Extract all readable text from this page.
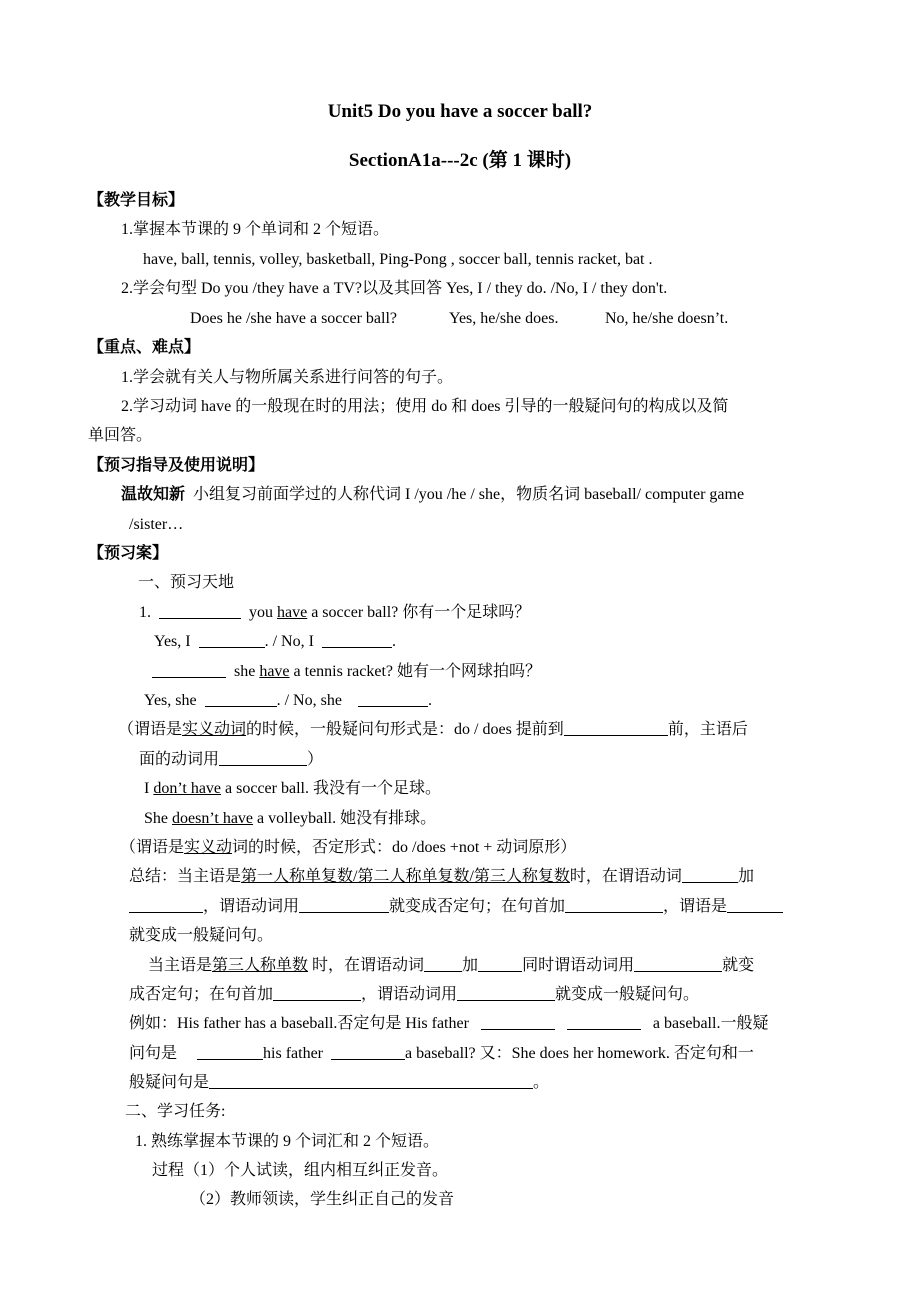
Unit5 Do you have a soccer ball?
SectionA1a---2c (第 1 课时)
【教学目标】
1.掌握本节课的 9 个单词和 2 个短语。
have, ball, tennis, volley, basketball, Ping-Pong , soccer ball, tennis racket, bat .
2.学会句型 Do you /they have a TV?以及其回答 Yes, I / they do. /No, I / they don't.
Does he /she have a soccer ball?	Yes, he/she does.	No, he/she doesn’t.
【重点、难点】
1.学会就有关人与物所属关系进行问答的句子。
2.学习动词 have 的一般现在时的用法；使用 do 和 does 引导的一般疑问句的构成以及简
单回答。
【预习指导及使用说明】
温故知新 小组复习前面学过的人称代词 I /you /he / she，物质名词 baseball/ computer game
/sister…
【预习案】
一、预习天地
1.	you have a soccer ball? 你有一个足球吗？
Yes, I	. / No, I	.
she have a tennis racket? 她有一个网球拍吗？
Yes, she	. / No, she	.
（谓语是实义动词的时候，一般疑问句形式是：do / does 提前到	前，主语后
面的动词用	）
I don’t have a soccer ball. 我没有一个足球。
She doesn’t have a volleyball. 她没有排球。
（谓语是实义动词的时候，否定形式：do /does +not + 动词原形）
总结：当主语是第一人称单复数/第二人称单复数/第三人称复数时，在谓语动词	加
，谓语动词用	就变成否定句；在句首加	，谓语是
就变成一般疑问句。
当主语是第三人称单数 时，在谓语动词 加	同时谓语动词用	就变
成否定句；在句首加	，谓语动词用	就变成一般疑问句。
例如：His father has a baseball.否定句是 His father	a baseball.一般疑
问句是	his father	a baseball? 又：She does her homework. 否定句和一
般疑问句是	。
二、学习任务:
1. 熟练掌握本节课的 9 个词汇和 2 个短语。
过程（1）个人试读，组内相互纠正发音。
（2）教师领读，学生纠正自己的发音
